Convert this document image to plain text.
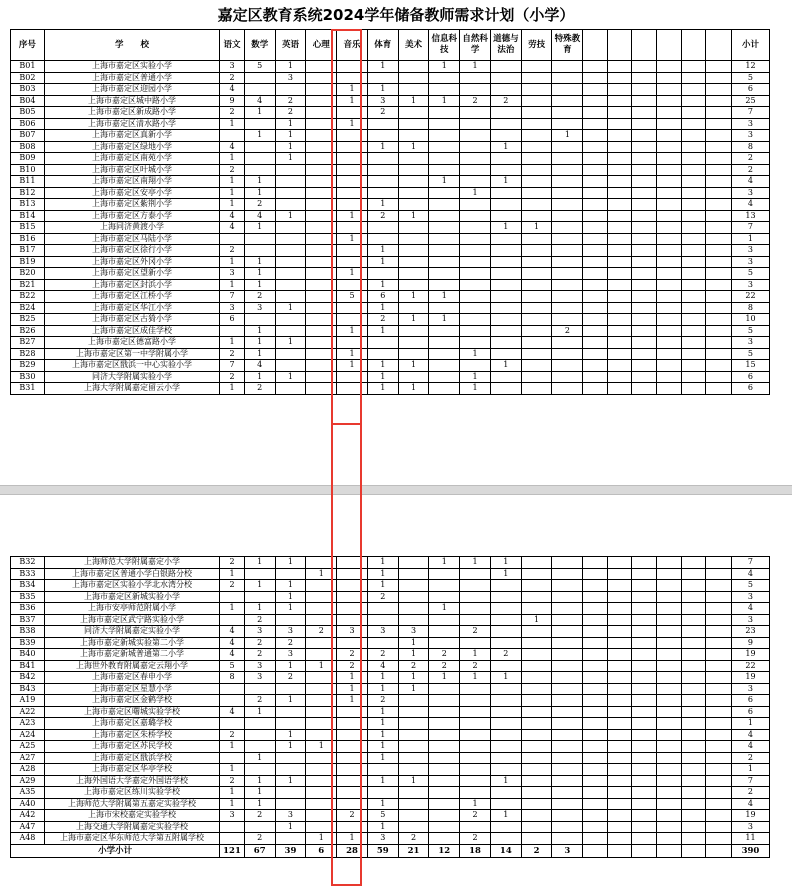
嘉定区教育系统2024学年储备教师需求计划（小学）
序号	学　　校	语文	数学	英语	心理	音乐	体育	美术	信息科技	自然科学	道德与法治	劳技	特殊教育							小计
B01	上海市嘉定区实验小学	3	5	1			1		1	1										12
B02	上海市嘉定区普通小学	2		3																5
B03	上海市嘉定区迎园小学	4				1	1													6
B04	上海市嘉定区城中路小学	9	4	2		1	3	1	1	2	2									25
B05	上海市嘉定区新成路小学	2	1	2			2													7
B06	上海市嘉定区清水路小学	1		1		1														3
B07	上海市嘉定区真新小学		1	1									1							3
B08	上海市嘉定区绿地小学	4		1			1	1			1									8
B09	上海市嘉定区南苑小学	1		1																2
B10	上海市嘉定区叶城小学	2																		2
B11	上海市嘉定区南翔小学	1	1						1		1									4
B12	上海市嘉定区安亭小学	1	1							1										3
B13	上海市嘉定区紫荆小学	1	2				1													4
B14	上海市嘉定区方泰小学	4	4	1		1	2	1												13
B15	上海同济黄渡小学	4	1								1	1								7
B16	上海市嘉定区马陆小学					1														1
B17	上海市嘉定区徐行小学	2					1													3
B19	上海市嘉定区外冈小学	1	1				1													3
B20	上海市嘉定区望新小学	3	1			1														5
B21	上海市嘉定区封浜小学	1	1				1													3
B22	上海市嘉定区江桥小学	7	2			5	6	1	1											22
B24	上海市嘉定区华江小学	3	3	1			1													8
B25	上海市嘉定区古猗小学	6					2	1	1											10
B26	上海市嘉定区成佳学校		1			1	1						2							5
B27	上海市嘉定区德富路小学	1	1	1																3
B28	上海市嘉定区第一中学附属小学	2	1			1				1										5
B29	上海市嘉定区戬浜一中心实验小学	7	4			1	1	1			1									15
B30	同济大学附属实验小学	2	1	1			1			1										6
B31	上海大学附属嘉定留云小学	1	2				1	1		1										6
B32	上海师范大学附属嘉定小学	2	1	1			1		1	1	1									7
B33	上海市嘉定区普通小学白银路分校	1			1		1				1									4
B34	上海市嘉定区实验小学北水湾分校	2	1	1			1													5
B35	上海市嘉定区新城实验小学			1			2													3
B36	上海市安亭师范附属小学	1	1	1					1											4
B37	上海市嘉定区武宁路实验小学		2									1								3
B38	同济大学附属嘉定实验小学	4	3	3	2	3	3	3		2										23
B39	上海市嘉定新城实验第二小学	4	2	2				1												9
B40	上海市嘉定新城普通第二小学	4	2	3		2	2	1	2	1	2									19
B41	上海世外教育附属嘉定云翔小学	5	3	1	1	2	4	2	2	2										22
B42	上海市嘉定区春申小学	8	3	2		1	1	1	1	1	1									19
B43	上海市嘉定区星慧小学					1	1	1												3
A19	上海市嘉定区金鹤学校		2	1		1	2													6
A22	上海市嘉定区曙城实验学校	4	1				1													6
A23	上海市嘉定区嘉璐学校						1													1
A24	上海市嘉定区朱桥学校	2		1			1													4
A25	上海市嘉定区苏民学校	1		1	1		1													4
A27	上海市嘉定区戬浜学校		1				1													2
A28	上海市嘉定区华亭学校	1																		1
A29	上海外国语大学嘉定外国语学校	2	1	1			1	1			1									7
A35	上海市嘉定区练川实验学校	1	1																	2
A40	上海师范大学附属第五嘉定实验学校	1	1				1			1										4
A42	上海市宋校嘉定实验学校	3	2	3		2	5			2	1									19
A47	上海交通大学附属嘉定实验学校			1			1													3
A48	上海市嘉定区华东师范大学第五附属学校		2		1	1	3	2		2										11
小学小计		121	67	39	6	28	59	21	12	18	14	2	3							390
